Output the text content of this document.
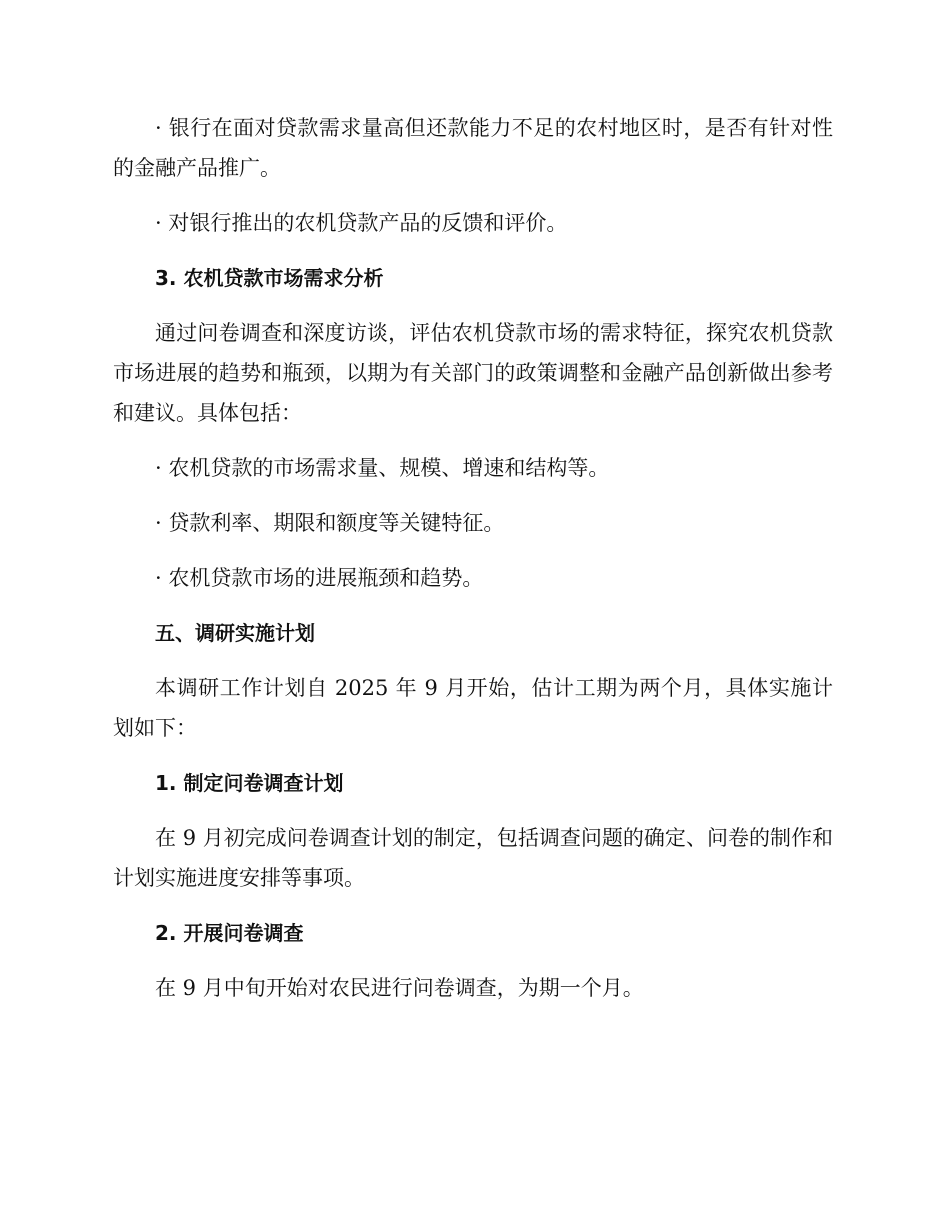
· 银行在面对贷款需求量高但还款能力不足的农村地区时，是否有针对性的金融产品推广。

· 对银行推出的农机贷款产品的反馈和评价。

3. 农机贷款市场需求分析

通过问卷调查和深度访谈，评估农机贷款市场的需求特征，探究农机贷款市场进展的趋势和瓶颈，以期为有关部门的政策调整和金融产品创新做出参考和建议。具体包括：

· 农机贷款的市场需求量、规模、增速和结构等。

· 贷款利率、期限和额度等关键特征。

· 农机贷款市场的进展瓶颈和趋势。

五、调研实施计划

本调研工作计划自 2025 年 9 月开始，估计工期为两个月，具体实施计划如下：

1. 制定问卷调查计划

在 9 月初完成问卷调查计划的制定，包括调查问题的确定、问卷的制作和计划实施进度安排等事项。

2. 开展问卷调查

在 9 月中旬开始对农民进行问卷调查，为期一个月。
